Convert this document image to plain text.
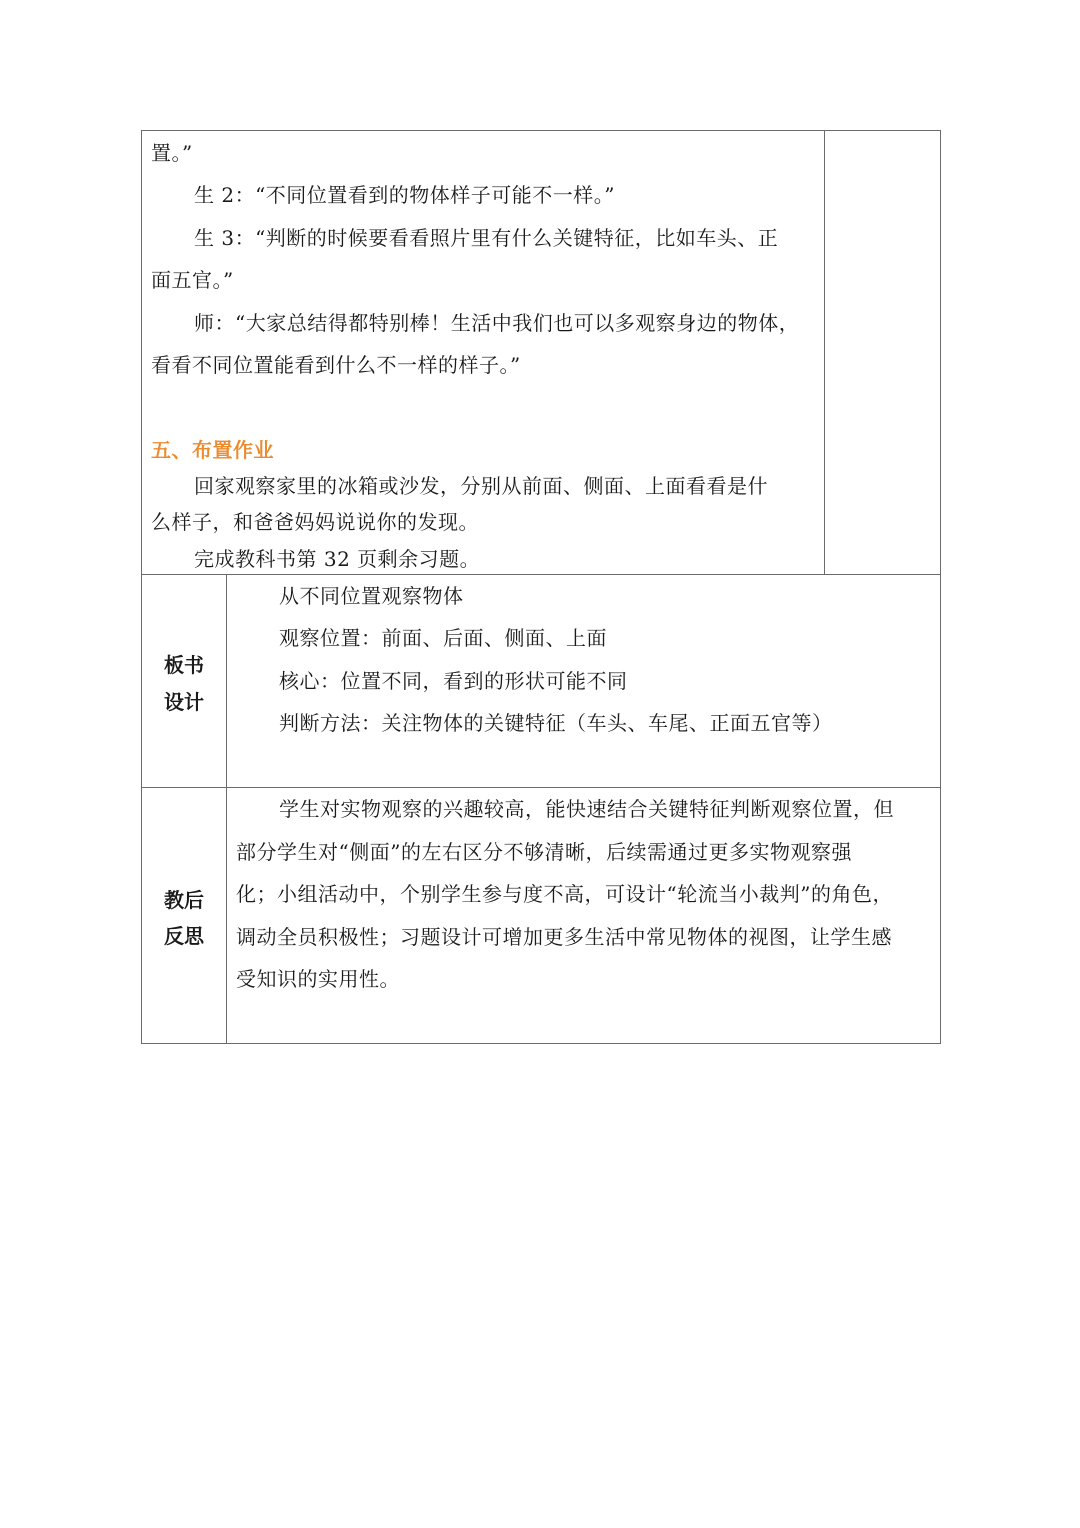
置。”
生 2：“不同位置看到的物体样子可能不一样。”
生 3：“判断的时候要看看照片里有什么关键特征，比如车头、正
面五官。”
师：“大家总结得都特别棒！生活中我们也可以多观察身边的物体，
看看不同位置能看到什么不一样的样子。”
五、布置作业
回家观察家里的冰箱或沙发，分别从前面、侧面、上面看看是什
么样子，和爸爸妈妈说说你的发现。
完成教科书第 32 页剩余习题。
板书
设计
从不同位置观察物体
观察位置：前面、后面、侧面、上面
核心：位置不同，看到的形状可能不同
判断方法：关注物体的关键特征（车头、车尾、正面五官等）
教后
反思
学生对实物观察的兴趣较高，能快速结合关键特征判断观察位置，但
部分学生对“侧面”的左右区分不够清晰，后续需通过更多实物观察强
化；小组活动中，个别学生参与度不高，可设计“轮流当小裁判”的角色，
调动全员积极性；习题设计可增加更多生活中常见物体的视图，让学生感
受知识的实用性。
